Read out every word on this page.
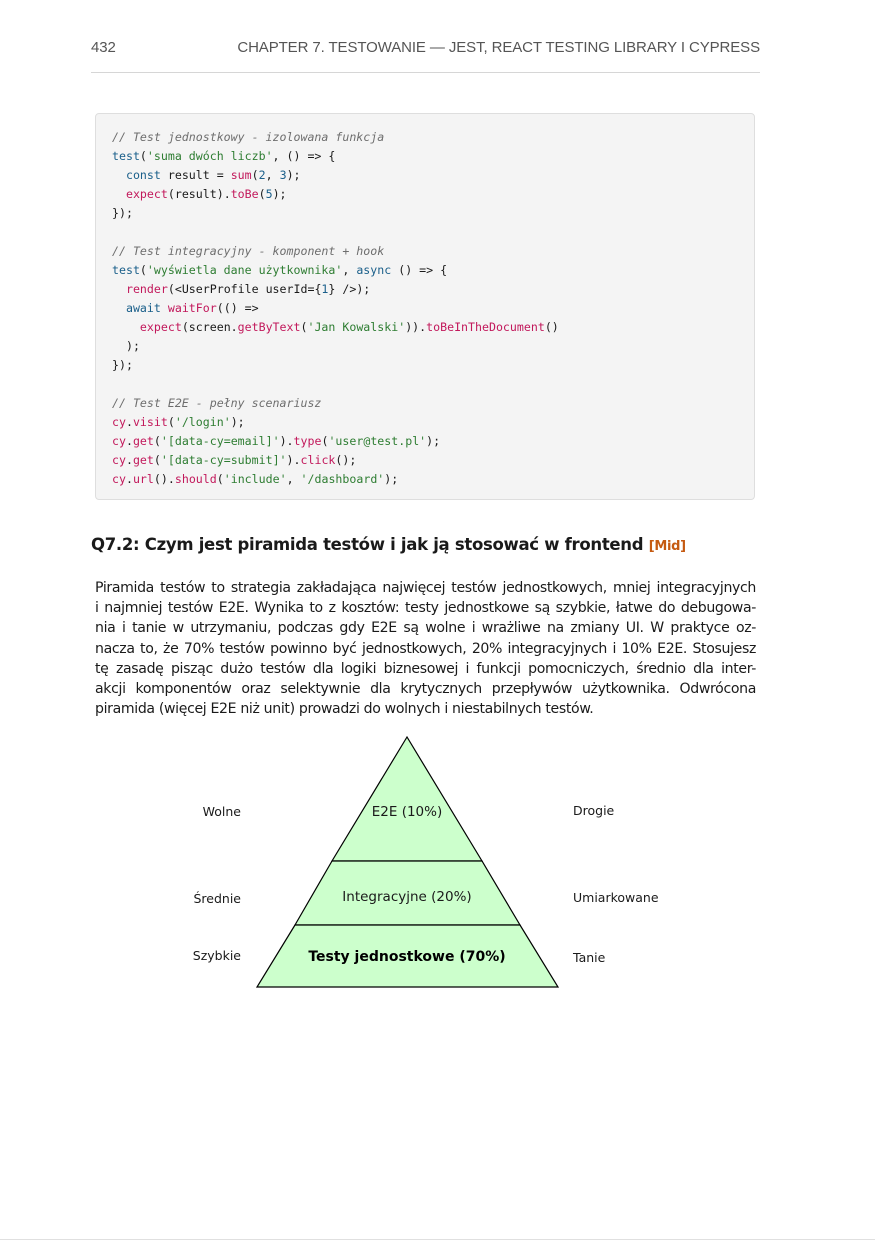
432	CHAPTER 7. TESTOWANIE — JEST, REACT TESTING LIBRARY I CYPRESS
// Test jednostkowy - izolowana funkcja
test('suma dwóch liczb', () => {
const result = sum(2, 3);
expect(result).toBe(5);
});
// Test integracyjny - komponent + hook
test('wyświetla dane użytkownika', async () => {
render(<UserProfile userId={1} />);
await waitFor(() =>
expect(screen.getByText('Jan Kowalski')).toBeInTheDocument()
);
});
// Test E2E - pełny scenariusz
cy.visit('/login');
cy.get('[data-cy=email]').type('user@test.pl');
cy.get('[data-cy=submit]').click();
cy.url().should('include', '/dashboard');
Q7.2: Czym jest piramida testów i jak ją stosować w frontend [Mid]
Piramida testów to strategia zakładająca najwięcej testów jednostkowych, mniej integracyjnych
i najmniej testów E2E. Wynika to z kosztów: testy jednostkowe są szybkie, łatwe do debugowa-
nia i tanie w utrzymaniu, podczas gdy E2E są wolne i wrażliwe na zmiany UI. W praktyce oz-
nacza to, że 70% testów powinno być jednostkowych, 20% integracyjnych i 10% E2E. Stosujesz
tę zasadę pisząc dużo testów dla logiki biznesowej i funkcji pomocniczych, średnio dla inter-
akcji komponentów oraz selektywnie dla krytycznych przepływów użytkownika. Odwrócona
piramida (więcej E2E niż unit) prowadzi do wolnych i niestabilnych testów.
E2E (10%)
Integracyjne (20%)
Testy jednostkowe (70%)
Wolne
Średnie
Szybkie
Drogie
Umiarkowane
Tanie
